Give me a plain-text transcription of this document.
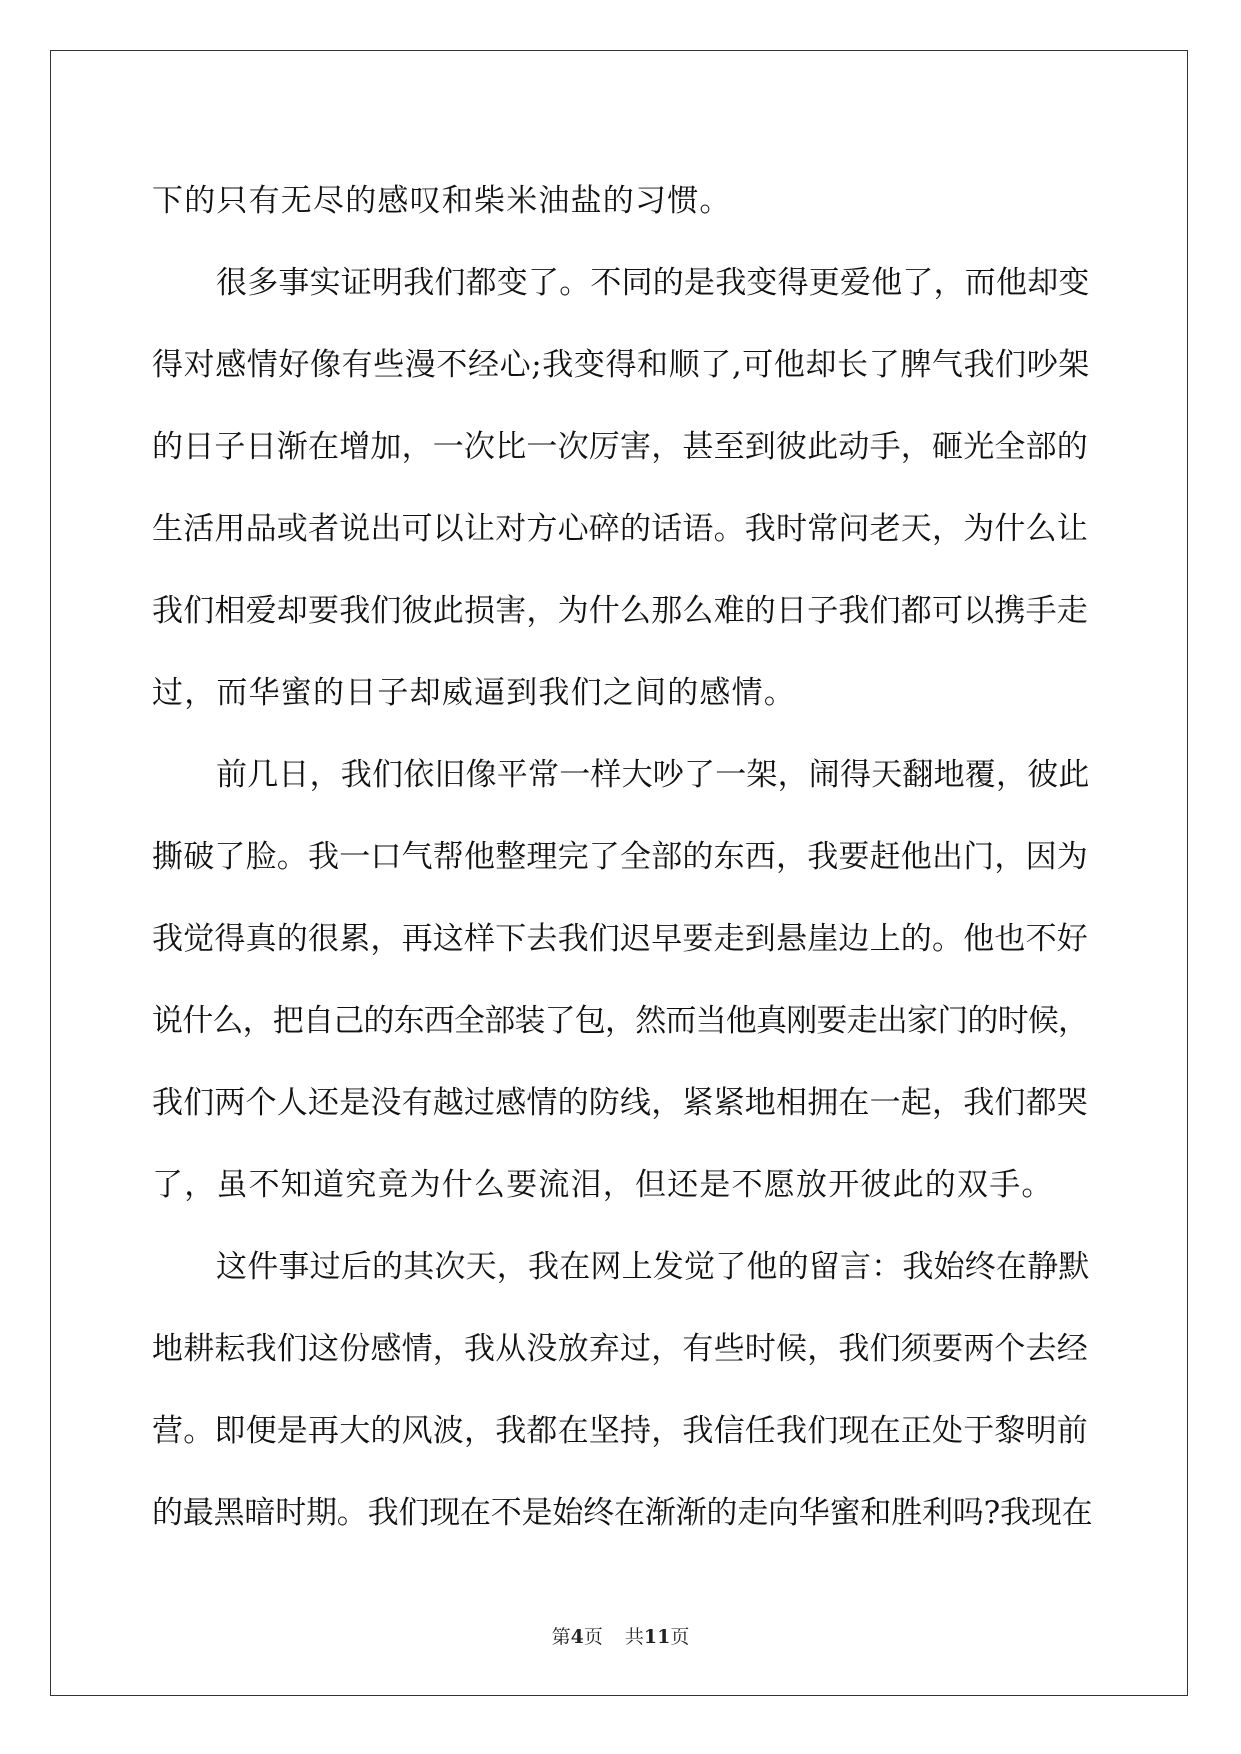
下的只有无尽的感叹和柴米油盐的习惯。
很多事实证明我们都变了。不同的是我变得更爱他了，而他却变
得对感情好像有些漫不经心;我变得和顺了,可他却长了脾气我们吵架
的日子日渐在增加，一次比一次厉害，甚至到彼此动手，砸光全部的
生活用品或者说出可以让对方心碎的话语。我时常问老天，为什么让
我们相爱却要我们彼此损害，为什么那么难的日子我们都可以携手走
过，而华蜜的日子却威逼到我们之间的感情。
前几日，我们依旧像平常一样大吵了一架，闹得天翻地覆，彼此
撕破了脸。我一口气帮他整理完了全部的东西，我要赶他出门，因为
我觉得真的很累，再这样下去我们迟早要走到悬崖边上的。他也不好
说什么，把自己的东西全部装了包，然而当他真刚要走出家门的时候，
我们两个人还是没有越过感情的防线，紧紧地相拥在一起，我们都哭
了，虽不知道究竟为什么要流泪，但还是不愿放开彼此的双手。
这件事过后的其次天，我在网上发觉了他的留言：我始终在静默
地耕耘我们这份感情，我从没放弃过，有些时候，我们须要两个去经
营。即便是再大的风波，我都在坚持，我信任我们现在正处于黎明前
的最黑暗时期。我们现在不是始终在渐渐的走向华蜜和胜利吗?我现在
第4页 共11页
